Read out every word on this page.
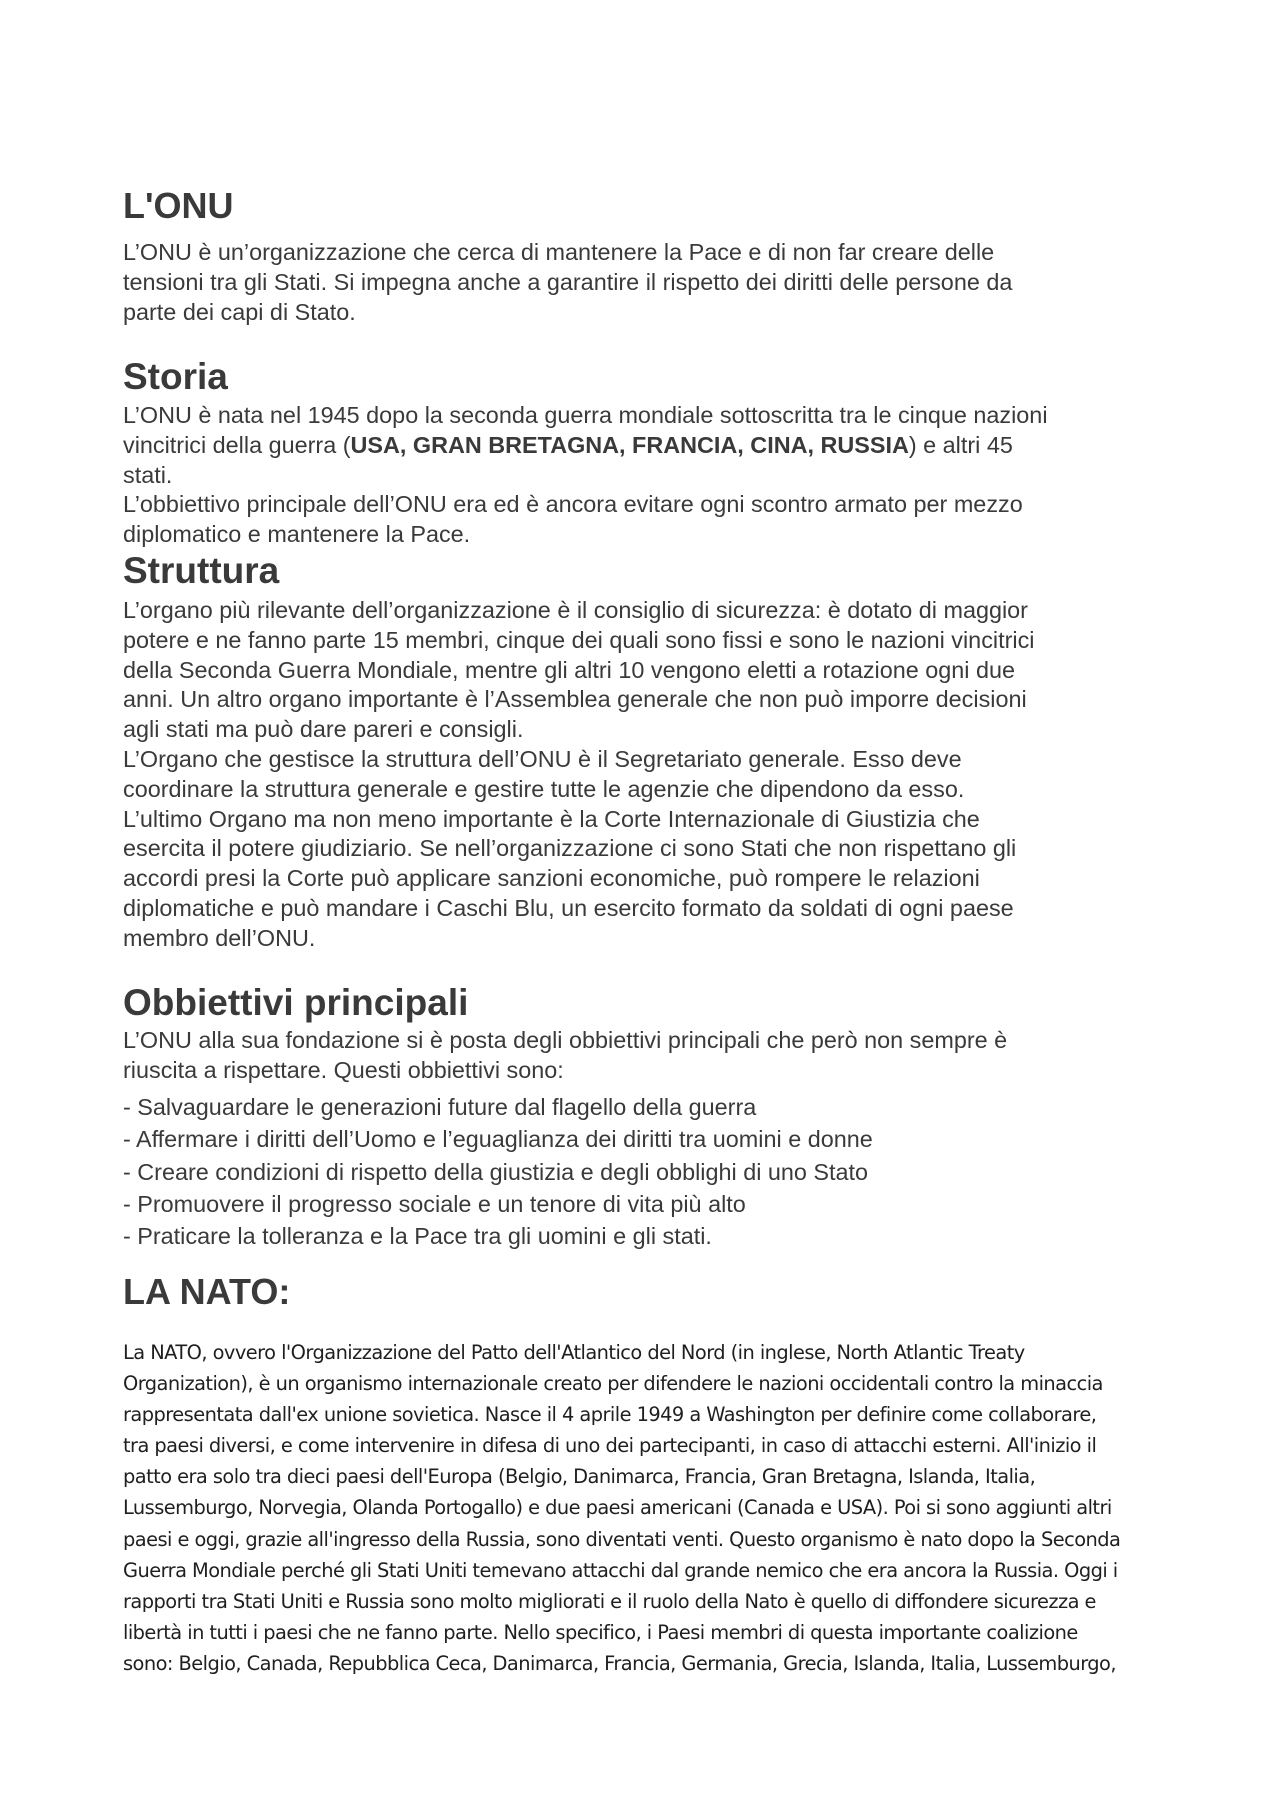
L'ONU
L’ONU è un’organizzazione che cerca di mantenere la Pace e di non far creare delle
tensioni tra gli Stati. Si impegna anche a garantire il rispetto dei diritti delle persone da
parte dei capi di Stato.
Storia
L’ONU è nata nel 1945 dopo la seconda guerra mondiale sottoscritta tra le cinque nazioni
vincitrici della guerra (USA, GRAN BRETAGNA, FRANCIA, CINA, RUSSIA) e altri 45
stati.
L’obbiettivo principale dell’ONU era ed è ancora evitare ogni scontro armato per mezzo
diplomatico e mantenere la Pace.
Struttura
L’organo più rilevante dell’organizzazione è il consiglio di sicurezza: è dotato di maggior
potere e ne fanno parte 15 membri, cinque dei quali sono fissi e sono le nazioni vincitrici
della Seconda Guerra Mondiale, mentre gli altri 10 vengono eletti a rotazione ogni due
anni. Un altro organo importante è l’Assemblea generale che non può imporre decisioni
agli stati ma può dare pareri e consigli.
L’Organo che gestisce la struttura dell’ONU è il Segretariato generale. Esso deve
coordinare la struttura generale e gestire tutte le agenzie che dipendono da esso.
L’ultimo Organo ma non meno importante è la Corte Internazionale di Giustizia che
esercita il potere giudiziario. Se nell’organizzazione ci sono Stati che non rispettano gli
accordi presi la Corte può applicare sanzioni economiche, può rompere le relazioni
diplomatiche e può mandare i Caschi Blu, un esercito formato da soldati di ogni paese
membro dell’ONU.
Obbiettivi principali
L’ONU alla sua fondazione si è posta degli obbiettivi principali che però non sempre è
riuscita a rispettare. Questi obbiettivi sono:
- Salvaguardare le generazioni future dal flagello della guerra
- Affermare i diritti dell’Uomo e l’eguaglianza dei diritti tra uomini e donne
- Creare condizioni di rispetto della giustizia e degli obblighi di uno Stato
- Promuovere il progresso sociale e un tenore di vita più alto
- Praticare la tolleranza e la Pace tra gli uomini e gli stati.
LA NATO:
La NATO, ovvero l'Organizzazione del Patto dell'Atlantico del Nord (in inglese, North Atlantic Treaty
Organization), è un organismo internazionale creato per difendere le nazioni occidentali contro la minaccia
rappresentata dall'ex unione sovietica. Nasce il 4 aprile 1949 a Washington per definire come collaborare,
tra paesi diversi, e come intervenire in difesa di uno dei partecipanti, in caso di attacchi esterni. All'inizio il
patto era solo tra dieci paesi dell'Europa (Belgio, Danimarca, Francia, Gran Bretagna, Islanda, Italia,
Lussemburgo, Norvegia, Olanda Portogallo) e due paesi americani (Canada e USA). Poi si sono aggiunti altri
paesi e oggi, grazie all'ingresso della Russia, sono diventati venti. Questo organismo è nato dopo la Seconda
Guerra Mondiale perché gli Stati Uniti temevano attacchi dal grande nemico che era ancora la Russia. Oggi i
rapporti tra Stati Uniti e Russia sono molto migliorati e il ruolo della Nato è quello di diffondere sicurezza e
libertà in tutti i paesi che ne fanno parte. Nello specifico, i Paesi membri di questa importante coalizione
sono: Belgio, Canada, Repubblica Ceca, Danimarca, Francia, Germania, Grecia, Islanda, Italia, Lussemburgo,
